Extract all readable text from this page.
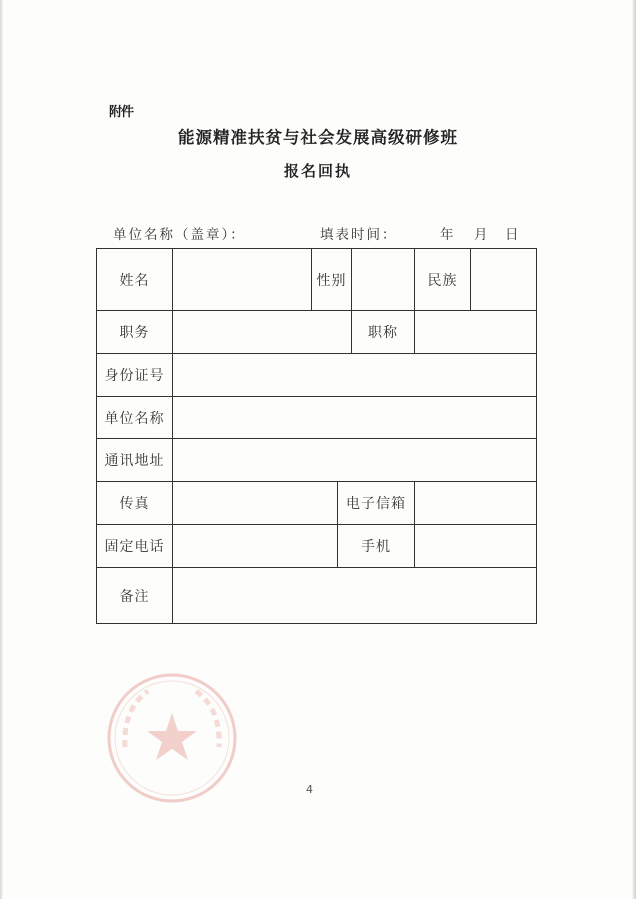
附件
能源精准扶贫与社会发展高级研修班
报名回执
单位名称（盖章）：	填表时间：	年 月 日
姓名		性别			民族	
职务				职称		
身份证号						
单位名称						
通讯地址						
传真			电子信箱			
固定电话			手机			
备注						
4
